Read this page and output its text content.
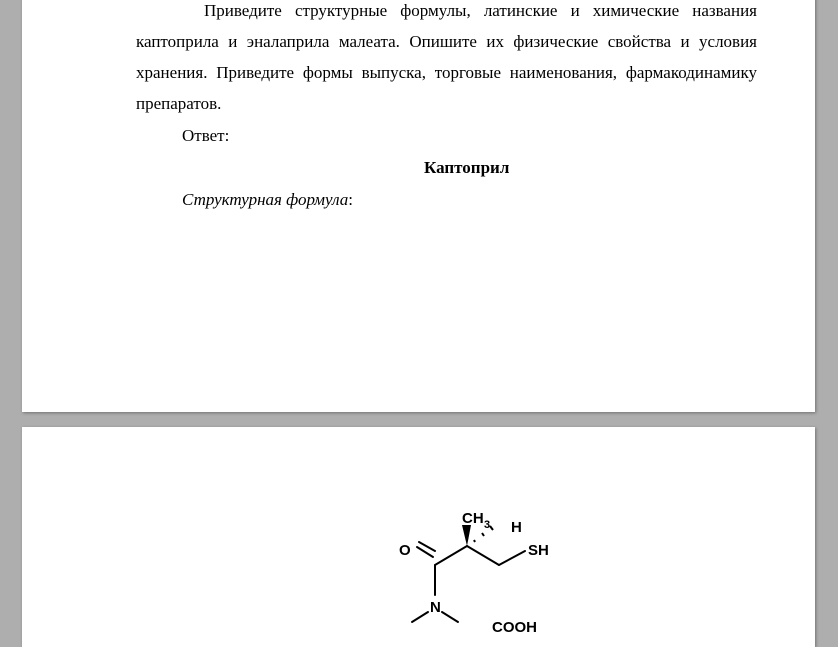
Приведите структурные формулы, латинские и химические названия каптоприла и эналаприла малеата. Опишите их физические свойства и условия хранения. Приведите формы выпуска, торговые наименования, фармакодинамику препаратов.

Ответ:
Каптоприл
Структурная формула:
CH 3 H
O	SH
N
COOH
